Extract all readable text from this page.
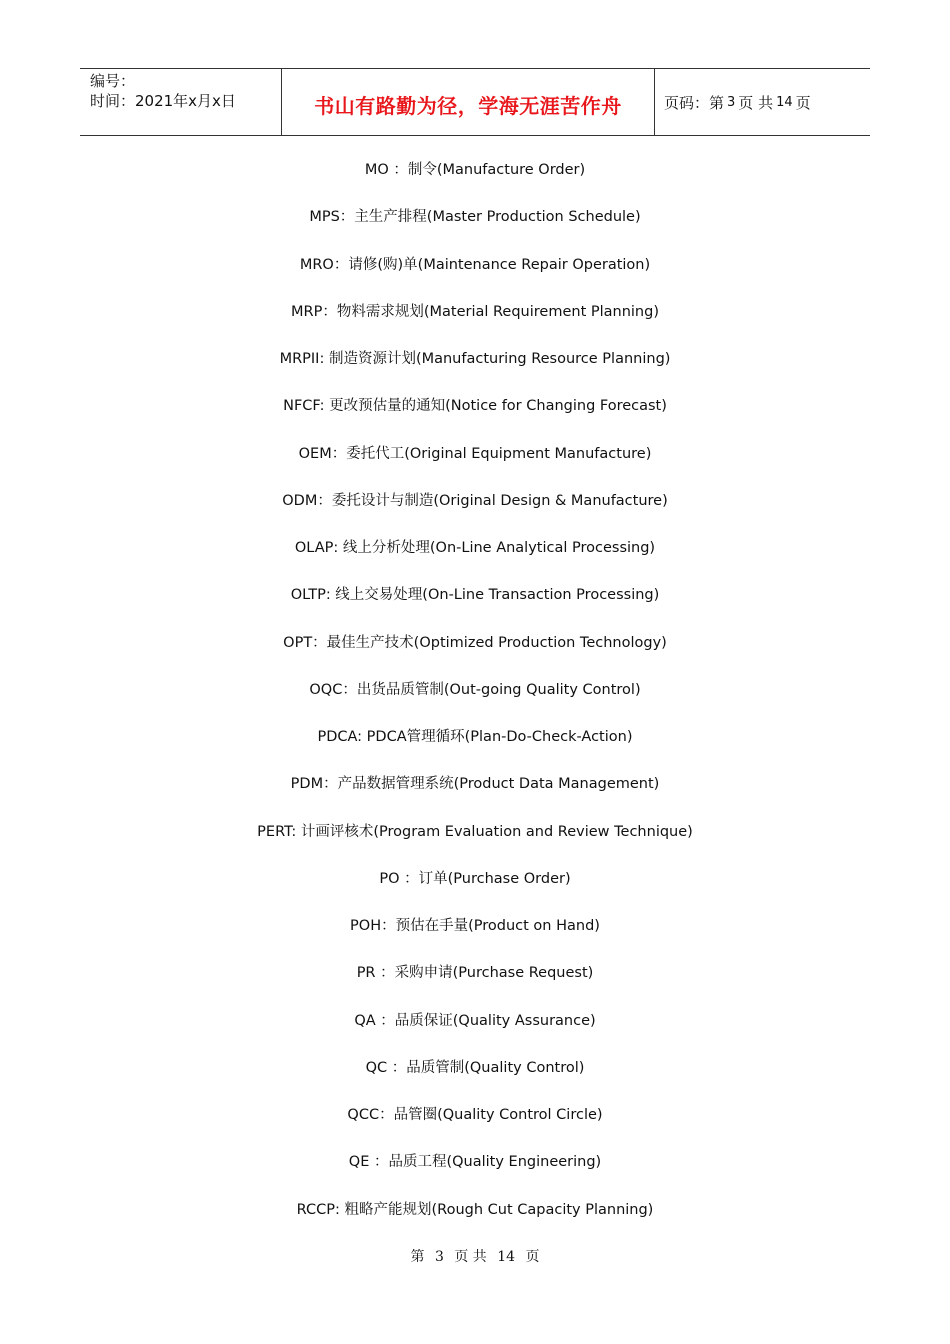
编号：
时间：2021年x月x日	书山有路勤为径，学海无涯苦作舟	页码：第 3 页 共 14 页
MO ：制令(Manufacture Order)
MPS：主生产排程(Master Production Schedule)
MRO：请修(购)单(Maintenance Repair Operation)
MRP：物料需求规划(Material Requirement Planning)
MRPII: 制造资源计划(Manufacturing Resource Planning)
NFCF: 更改预估量的通知(Notice for Changing Forecast)
OEM：委托代工(Original Equipment Manufacture)
ODM：委托设计与制造(Original Design & Manufacture)
OLAP: 线上分析处理(On-Line Analytical Processing)
OLTP: 线上交易处理(On-Line Transaction Processing)
OPT：最佳生产技术(Optimized Production Technology)
OQC：出货品质管制(Out-going Quality Control)
PDCA: PDCA管理循环(Plan-Do-Check-Action)
PDM：产品数据管理系统(Product Data Management)
PERT: 计画评核术(Program Evaluation and Review Technique)
PO ：订单(Purchase Order)
POH：预估在手量(Product on Hand)
PR ：采购申请(Purchase Request)
QA ：品质保证(Quality Assurance)
QC ：品质管制(Quality Control)
QCC：品管圈(Quality Control Circle)
QE ：品质工程(Quality Engineering)
RCCP: 粗略产能规划(Rough Cut Capacity Planning)
第 3 页 共 14 页
